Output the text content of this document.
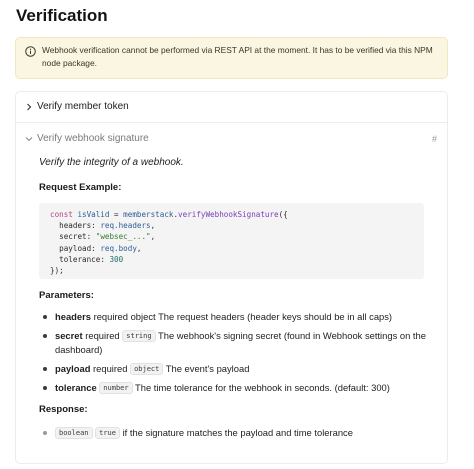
Verification
Webhook verification cannot be performed via REST API at the moment. It has to be verified via this NPM node package.
Verify member token
Verify webhook signature	#
Verify the integrity of a webhook.
Request Example:
const isValid = memberstack.verifyWebhookSignature({
headers: req.headers,
secret: "websec_...",
payload: req.body,
tolerance: 300
});
Parameters:
headers required object The request headers (header keys should be in all caps)
secret required string The webhook's signing secret (found in Webhook settings on the dashboard)
payload required object The event's payload
tolerance number The time tolerance for the webhook in seconds. (default: 300)
Response:
boolean true if the signature matches the payload and time tolerance
